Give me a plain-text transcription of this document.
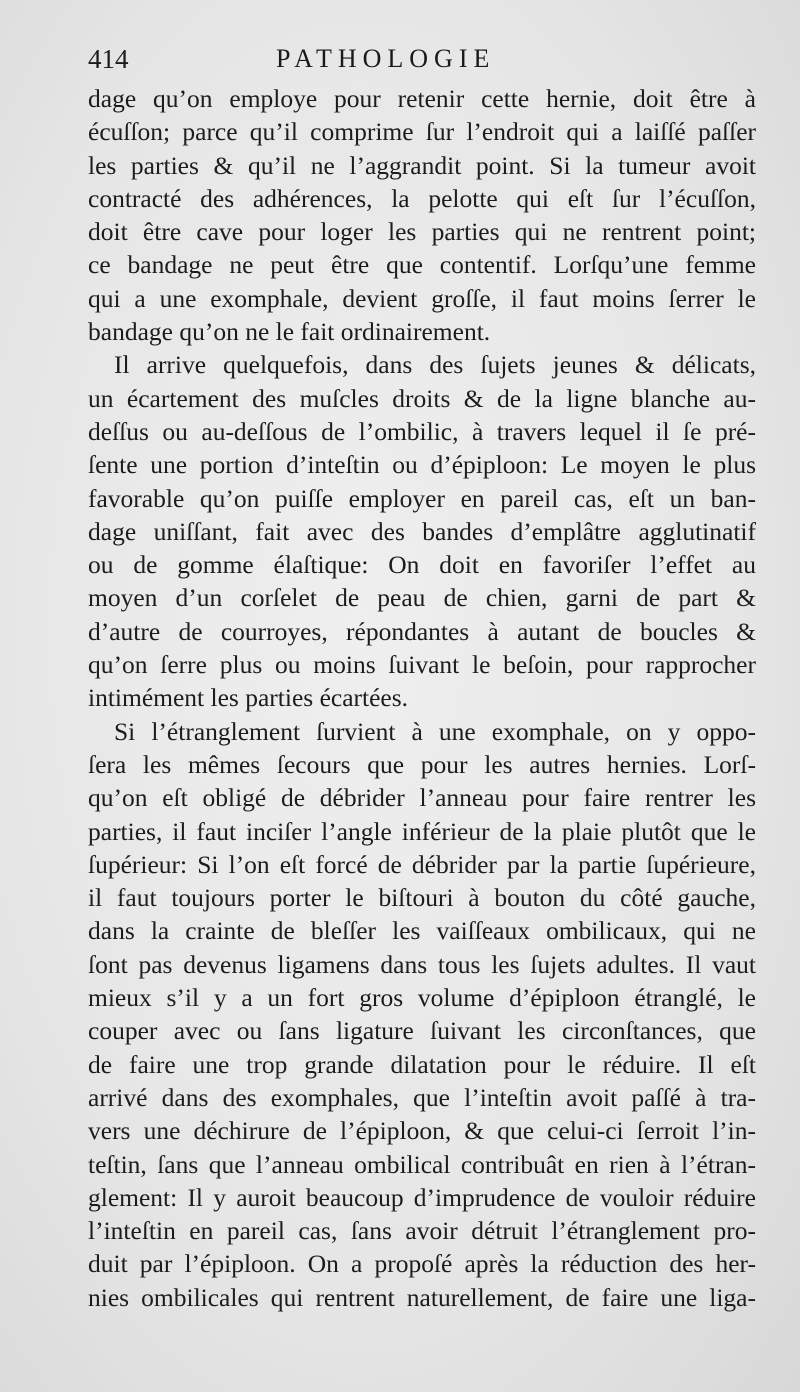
414	PATHOLOGIE

dage qu’on employe pour retenir cette hernie, doit être à
écuſſon; parce qu’il comprime ſur l’endroit qui a laiſſé paſſer
les parties & qu’il ne l’aggrandit point. Si la tumeur avoit
contracté des adhérences, la pelotte qui eſt ſur l’écuſſon,
doit être cave pour loger les parties qui ne rentrent point;
ce bandage ne peut être que contentif. Lorſqu’une femme
qui a une exomphale, devient groſſe, il faut moins ſerrer le
bandage qu’on ne le fait ordinairement.

Il arrive quelquefois, dans des ſujets jeunes & délicats,
un écartement des muſcles droits & de la ligne blanche au-
deſſus ou au-deſſous de l’ombilic, à travers lequel il ſe pré-
ſente une portion d’inteſtin ou d’épiploon: Le moyen le plus
favorable qu’on puiſſe employer en pareil cas, eſt un ban-
dage uniſſant, fait avec des bandes d’emplâtre agglutinatif
ou de gomme élaſtique: On doit en favoriſer l’effet au
moyen d’un corſelet de peau de chien, garni de part &
d’autre de courroyes, répondantes à autant de boucles &
qu’on ſerre plus ou moins ſuivant le beſoin, pour rapprocher
intimément les parties écartées.

Si l’étranglement ſurvient à une exomphale, on y oppo-
ſera les mêmes ſecours que pour les autres hernies. Lorſ-
qu’on eſt obligé de débrider l’anneau pour faire rentrer les
parties, il faut inciſer l’angle inférieur de la plaie plutôt que le
ſupérieur: Si l’on eſt forcé de débrider par la partie ſupérieure,
il faut toujours porter le biſtouri à bouton du côté gauche,
dans la crainte de bleſſer les vaiſſeaux ombilicaux, qui ne
ſont pas devenus ligamens dans tous les ſujets adultes. Il vaut
mieux s’il y a un fort gros volume d’épiploon étranglé, le
couper avec ou ſans ligature ſuivant les circonſtances, que
de faire une trop grande dilatation pour le réduire. Il eſt
arrivé dans des exomphales, que l’inteſtin avoit paſſé à tra-
vers une déchirure de l’épiploon, & que celui-ci ſerroit l’in-
teſtin, ſans que l’anneau ombilical contribuât en rien à l’étran-
glement: Il y auroit beaucoup d’imprudence de vouloir réduire
l’inteſtin en pareil cas, ſans avoir détruit l’étranglement pro-
duit par l’épiploon. On a propoſé après la réduction des her-
nies ombilicales qui rentrent naturellement, de faire une liga-
